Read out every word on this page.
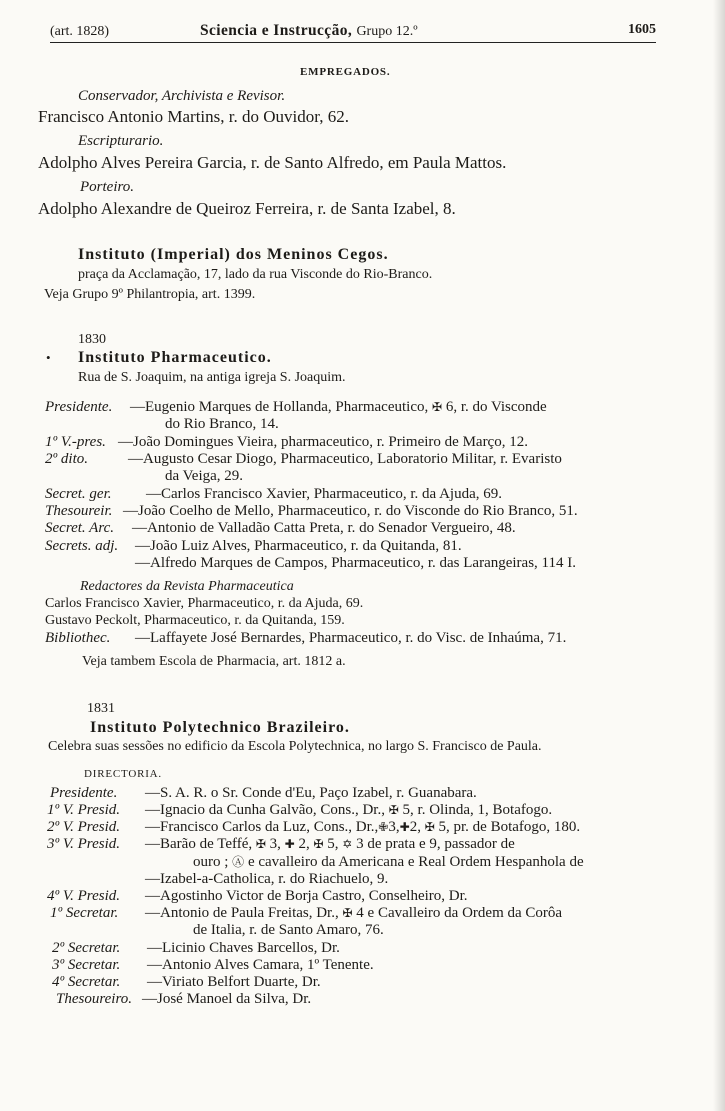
(art. 1828)	Sciencia e Instrucção, Grupo 12.º	1605
EMPREGADOS.
Conservador, Archivista e Revisor.
Francisco Antonio Martins, r. do Ouvidor, 62.
Escripturario.
Adolpho Alves Pereira Garcia, r. de Santo Alfredo, em Paula Mattos.
Porteiro.
Adolpho Alexandre de Queiroz Ferreira, r. de Santa Izabel, 8.
Instituto (Imperial) dos Meninos Cegos.
praça da Acclamação, 17, lado da rua Visconde do Rio-Branco.
Veja Grupo 9º Philantropia, art. 1399.
1830
• Instituto Pharmaceutico.
Rua de S. Joaquim, na antiga igreja S. Joaquim.
Presidente. —Eugenio Marques de Hollanda, Pharmaceutico, ✠ 6, r. do Visconde
do Rio Branco, 14.
1º V.-pres. —João Domingues Vieira, pharmaceutico, r. Primeiro de Março, 12.
2º dito.	—Augusto Cesar Diogo, Pharmaceutico, Laboratorio Militar, r. Evaristo
da Veiga, 29.
Secret. ger. —Carlos Francisco Xavier, Pharmaceutico, r. da Ajuda, 69.
Thesoureir. —João Coelho de Mello, Pharmaceutico, r. do Visconde do Rio Branco, 51.
Secret. Arc. —Antonio de Valladão Catta Preta, r. do Senador Vergueiro, 48.
Secrets. adj. —João Luiz Alves, Pharmaceutico, r. da Quitanda, 81.
—Alfredo Marques de Campos, Pharmaceutico, r. das Larangeiras, 114 I.
Redactores da Revista Pharmaceutica
Carlos Francisco Xavier, Pharmaceutico, r. da Ajuda, 69.
Gustavo Peckolt, Pharmaceutico, r. da Quitanda, 159.
Bibliothec. —Laffayete José Bernardes, Pharmaceutico, r. do Visc. de Inhaúma, 71.
Veja tambem Escola de Pharmacia, art. 1812 a.
1831
Instituto Polytechnico Brazileiro.
Celebra suas sessões no edificio da Escola Polytechnica, no largo S. Francisco de Paula.
DIRECTORIA.
Presidente. —S. A. R. o Sr. Conde d'Eu, Paço Izabel, r. Guanabara.
1º V. Presid. —Ignacio da Cunha Galvão, Cons., Dr., ✠ 5, r. Olinda, 1, Botafogo.
2º V. Presid. —Francisco Carlos da Luz, Cons., Dr.,✙3,✚2, ✠ 5, pr. de Botafogo, 180.
3º V. Presid. —Barão de Teffé, ✠ 3, ✚ 2, ✠ 5, ✡ 3 de prata e 9, passador de
ouro ; Ⓐ e cavalleiro da Americana e Real Ordem Hespanhola de
—Izabel-a-Catholica, r. do Riachuelo, 9.
4º V. Presid. —Agostinho Victor de Borja Castro, Conselheiro, Dr.
1º Secretar. —Antonio de Paula Freitas, Dr., ✠ 4 e Cavalleiro da Ordem da Corôa
de Italia, r. de Santo Amaro, 76.
2º Secretar. —Licinio Chaves Barcellos, Dr.
3º Secretar. —Antonio Alves Camara, 1º Tenente.
4º Secretar. —Viriato Belfort Duarte, Dr.
Thesoureiro. —José Manoel da Silva, Dr.
